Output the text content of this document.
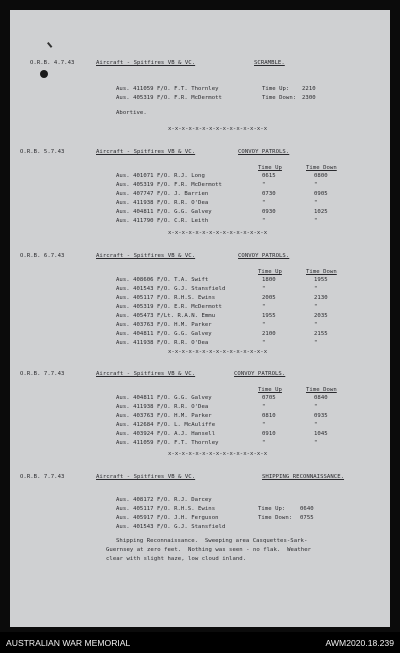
O.R.B. 4.7.43	Aircraft - Spitfires VB & VC.	SCRAMBLE.
Aus. 411059 F/O. F.T. Thornley
Aus. 405319 F/O. F.R. McDermott
Time Up: 2210
Time Down: 2300
Abortive.
x-x-x-x-x-x-x-x-x-x-x-x-x-x-x
O.R.B. 5.7.43	Aircraft - Spitfires VB & VC.	CONVOY PATROLS.
Time Up	Time Down
Aus. 401071 F/O. R.J. Long	0615	0800
Aus. 405319 F/O. F.R. McDermott	"	"
Aus. 407747 F/O. J. Barrien	0730	0905
Aus. 411938 F/O. R.R. O'Dea	"	"
Aus. 404811 F/O. G.G. Galvey	0930	1025
Aus. 411790 F/O. C.R. Leith	"	"
x-x-x-x-x-x-x-x-x-x-x-x-x-x-x
O.R.B. 6.7.43	Aircraft - Spitfires VB & VC.	CONVOY PATROLS.
Time Up	Time Down
Aus. 408606 F/O. T.A. Swift	1800	1955
Aus. 401543 F/O. G.J. Stansfield	"	"
Aus. 405117 F/O. R.H.S. Ewins	2005	2130
Aus. 405319 F/O. E.R. McDermott	"	"
Aus. 405473 F/Lt. R.A.N. Emmu	1955	2035
Aus. 403763 F/O. H.M. Parker	"	"
Aus. 404811 F/O. G.G. Galvey	2100	2155
Aus. 411938 F/O. R.R. O'Dea	"	"
x-x-x-x-x-x-x-x-x-x-x-x-x-x-x
O.R.B. 7.7.43	Aircraft - Spitfires VB & VC.	CONVOY PATROLS.
Time Up	Time Down
Aus. 404811 F/O. G.G. Galvey	0705	0840
Aus. 411938 F/O. R.R. O'Dea	"	"
Aus. 403763 F/O. H.M. Parker	0810	0935
Aus. 412684 F/O. L. McAuliffe	"	"
Aus. 403924 F/O. A.J. Hansell	0910	1045
Aus. 411059 F/O. F.T. Thornley	"	"
x-x-x-x-x-x-x-x-x-x-x-x-x-x-x
O.R.B. 7.7.43	Aircraft - Spitfires VB & VC.	SHIPPING RECONNAISSANCE.
Aus. 408172 F/O. R.J. Darcey
Aus. 405117 F/O. R.H.S. Ewins
Aus. 405917 F/O. J.H. Ferguson
Aus. 401543 F/O. G.J. Stansfield
Time Up:	0640
Time Down: 0755
Shipping Reconnaissance.  Sweeping area Casquettes-Sark-
Guernsey at zero feet.  Nothing was seen - no flak.  Weather
clear with slight haze, low cloud inland.
AUSTRALIAN WAR MEMORIAL	AWM2020.18.239
